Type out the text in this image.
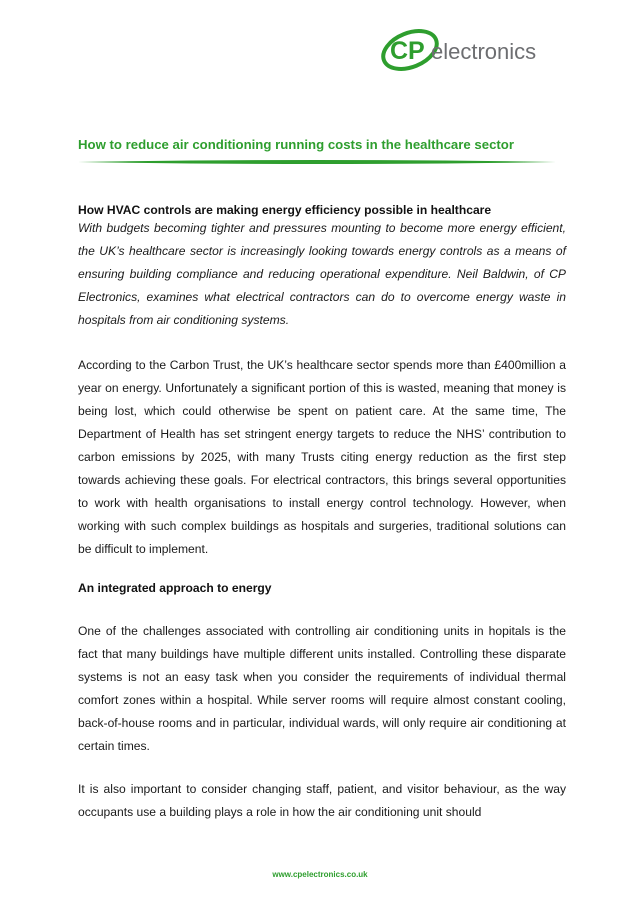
CP electronics
How to reduce air conditioning running costs in the healthcare sector
How HVAC controls are making energy efficiency possible in healthcare

With budgets becoming tighter and pressures mounting to become more energy efficient, the UK’s healthcare sector is increasingly looking towards energy controls as a means of ensuring building compliance and reducing operational expenditure. Neil Baldwin, of CP Electronics, examines what electrical contractors can do to overcome energy waste in hospitals from air conditioning systems.

According to the Carbon Trust, the UK’s healthcare sector spends more than £400million a year on energy. Unfortunately a significant portion of this is wasted, meaning that money is being lost, which could otherwise be spent on patient care. At the same time, The Department of Health has set stringent energy targets to reduce the NHS’ contribution to carbon emissions by 2025, with many Trusts citing energy reduction as the first step towards achieving these goals. For electrical contractors, this brings several opportunities to work with health organisations to install energy control technology. However, when working with such complex buildings as hospitals and surgeries, traditional solutions can be difficult to implement.

An integrated approach to energy

One of the challenges associated with controlling air conditioning units in hopitals is the fact that many buildings have multiple different units installed. Controlling these disparate systems is not an easy task when you consider the requirements of individual thermal comfort zones within a hospital. While server rooms will require almost constant cooling, back-of-house rooms and in particular, individual wards, will only require air conditioning at certain times.

It is also important to consider changing staff, patient, and visitor behaviour, as the way occupants use a building plays a role in how the air conditioning unit should

www.cpelectronics.co.uk
